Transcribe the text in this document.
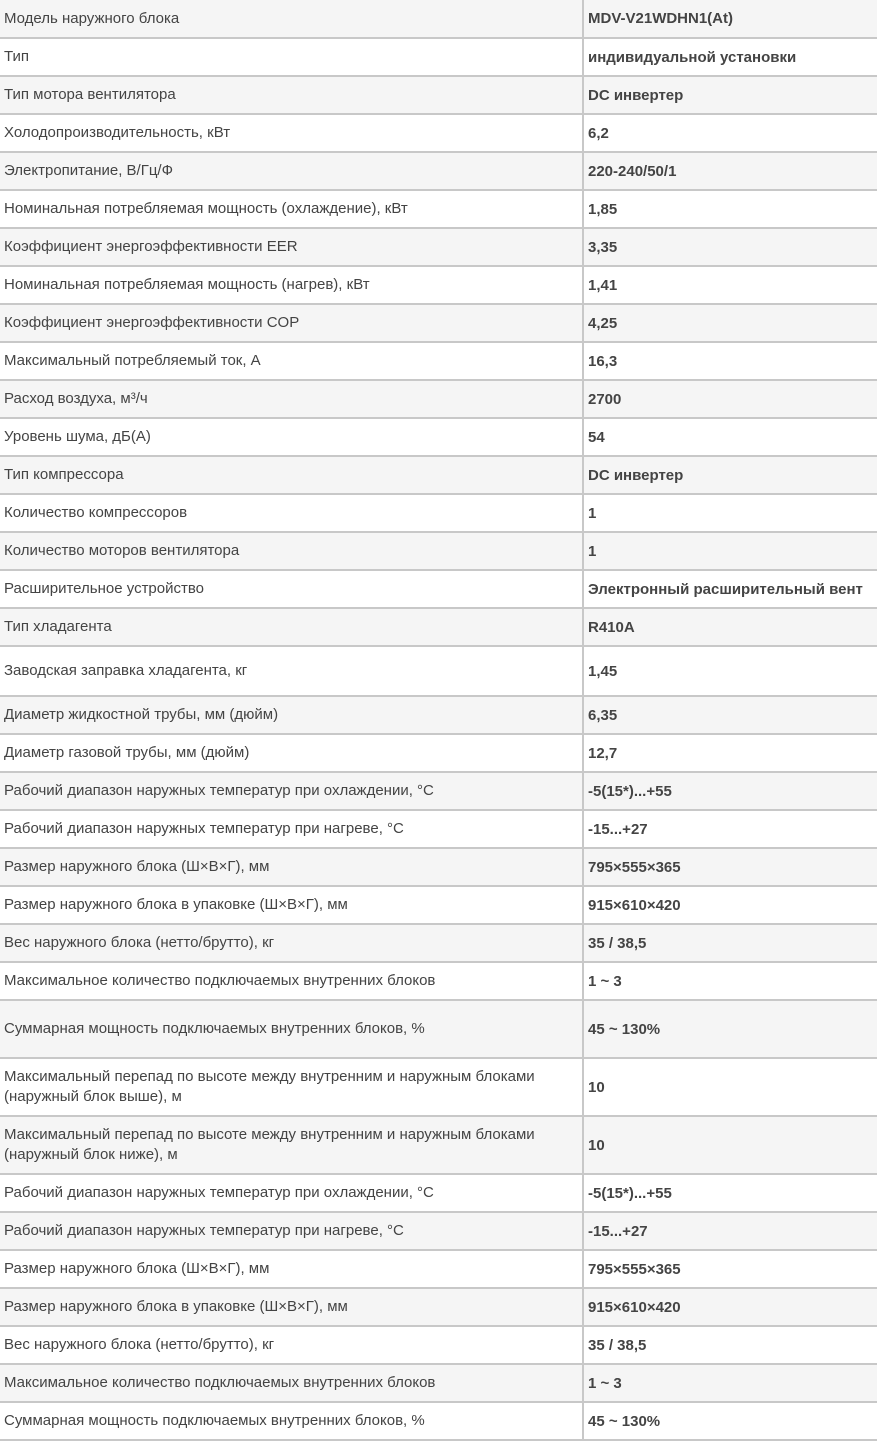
Модель наружного блока	MDV-V21WDHN1(At)
Тип	индивидуальной установки
Тип мотора вентилятора	DC инвертер
Холодопроизводительность, кВт	6,2
Электропитание, В/Гц/Ф	220-240/50/1
Номинальная потребляемая мощность (охлаждение), кВт	1,85
Коэффициент энергоэффективности EER	3,35
Номинальная потребляемая мощность (нагрев), кВт	1,41
Коэффициент энергоэффективности COP	4,25
Максимальный потребляемый ток, А	16,3
Расход воздуха, м³/ч	2700
Уровень шума, дБ(А)	54
Тип компрессора	DC инвертер
Количество компрессоров	1
Количество моторов вентилятора	1
Расширительное устройство	Электронный расширительный вент
Тип хладагента	R410A
Заводская заправка хладагента, кг	1,45
Диаметр жидкостной трубы, мм (дюйм)	6,35
Диаметр газовой трубы, мм (дюйм)	12,7
Рабочий диапазон наружных температур при охлаждении, °С	-5(15*)...+55
Рабочий диапазон наружных температур при нагреве, °С	-15...+27
Размер наружного блока (Ш×В×Г), мм	795×555×365
Размер наружного блока в упаковке (Ш×В×Г), мм	915×610×420
Вес наружного блока (нетто/брутто), кг	35 / 38,5
Максимальное количество подключаемых внутренних блоков	1 ~ 3
Суммарная мощность подключаемых внутренних блоков, %	45 ~ 130%
Максимальный перепад по высоте между внутренним и наружным блоками (наружный блок выше), м	10
Максимальный перепад по высоте между внутренним и наружным блоками (наружный блок ниже), м	10
Рабочий диапазон наружных температур при охлаждении, °С	-5(15*)...+55
Рабочий диапазон наружных температур при нагреве, °С	-15...+27
Размер наружного блока (Ш×В×Г), мм	795×555×365
Размер наружного блока в упаковке (Ш×В×Г), мм	915×610×420
Вес наружного блока (нетто/брутто), кг	35 / 38,5
Максимальное количество подключаемых внутренних блоков	1 ~ 3
Суммарная мощность подключаемых внутренних блоков, %	45 ~ 130%
